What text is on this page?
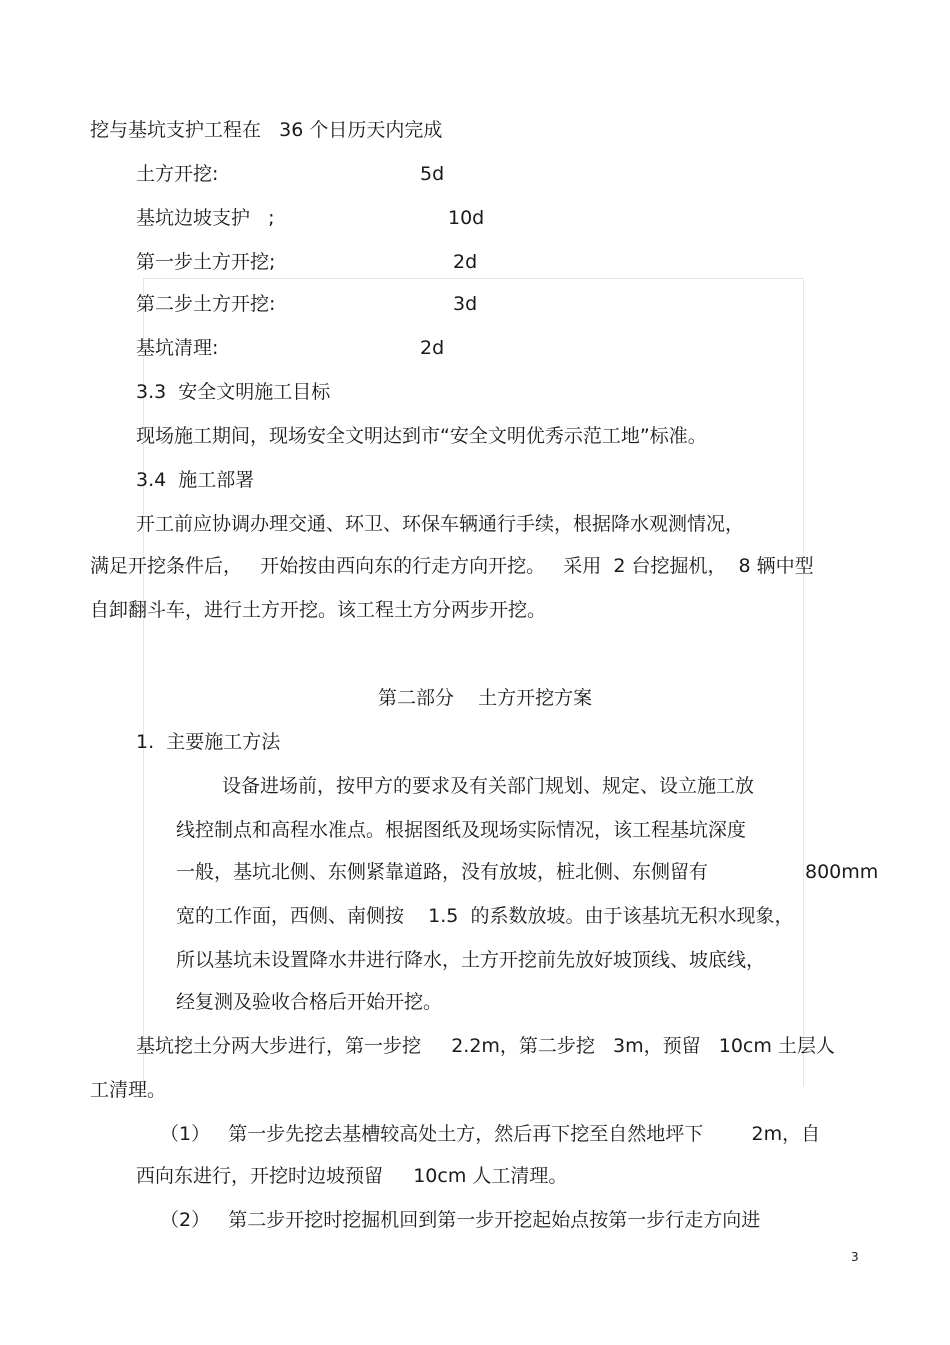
挖与基坑支护工程在   36 个日历天内完成
土方开挖:	5d
基坑边坡支护   ;	10d
第一步土方开挖;	2d
第二步土方开挖:	3d
基坑清理:	2d
3.3  安全文明施工目标
现场施工期间，现场安全文明达到市“安全文明优秀示范工地”标准。
3.4  施工部署
开工前应协调办理交通、环卫、环保车辆通行手续，根据降水观测情况，
满足开挖条件后，   开始按由西向东的行走方向开挖。   采用  2 台挖掘机，  8 辆中型
自卸翻斗车，进行土方开挖。该工程土方分两步开挖。
第二部分    土方开挖方案
1.  主要施工方法
设备进场前，按甲方的要求及有关部门规划、规定、设立施工放
线控制点和高程水准点。根据图纸及现场实际情况，该工程基坑深度
一般，基坑北侧、东侧紧靠道路，没有放坡，桩北侧、东侧留有	800mm
宽的工作面，西侧、南侧按    1.5  的系数放坡。由于该基坑无积水现象，
所以基坑未设置降水井进行降水，土方开挖前先放好坡顶线、坡底线，
经复测及验收合格后开始开挖。
基坑挖土分两大步进行，第一步挖     2.2m，第二步挖   3m，预留   10cm 土层人
工清理。
（1）   第一步先挖去基槽较高处土方，然后再下挖至自然地坪下        2m，自
西向东进行，开挖时边坡预留     10cm 人工清理。
（2）   第二步开挖时挖掘机回到第一步开挖起始点按第一步行走方向进
3
